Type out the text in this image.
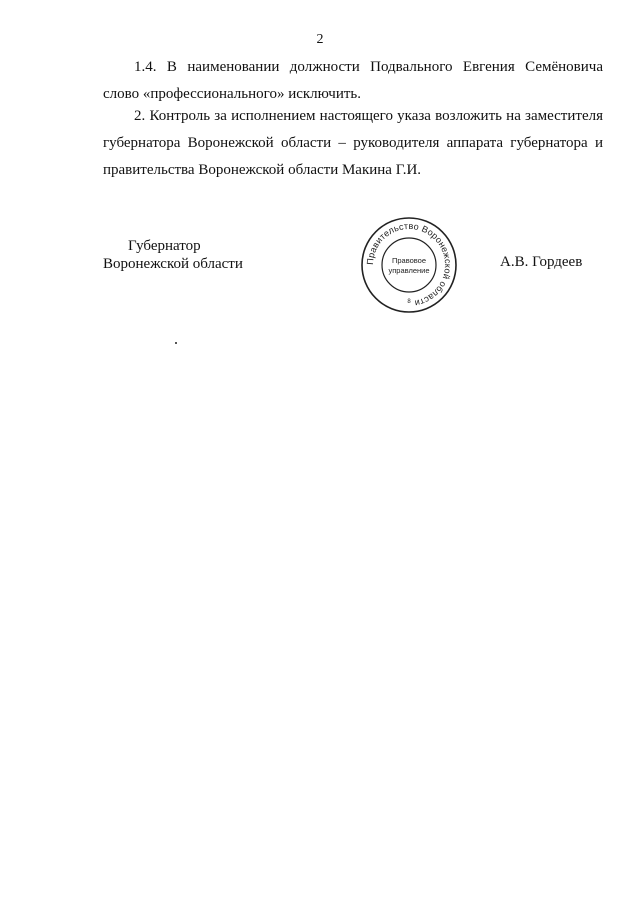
2

1.4. В наименовании должности Подвального Евгения Семёновича
слово «профессионального» исключить.

2. Контроль за исполнением настоящего указа возложить на заместителя
губернатора Воронежской области – руководителя аппарата губернатора и
правительства Воронежской области Макина Г.И.

Губернатор
Воронежской области	Правительство Воронежской области
Правовое
управление
8
А.В. Гордеев
